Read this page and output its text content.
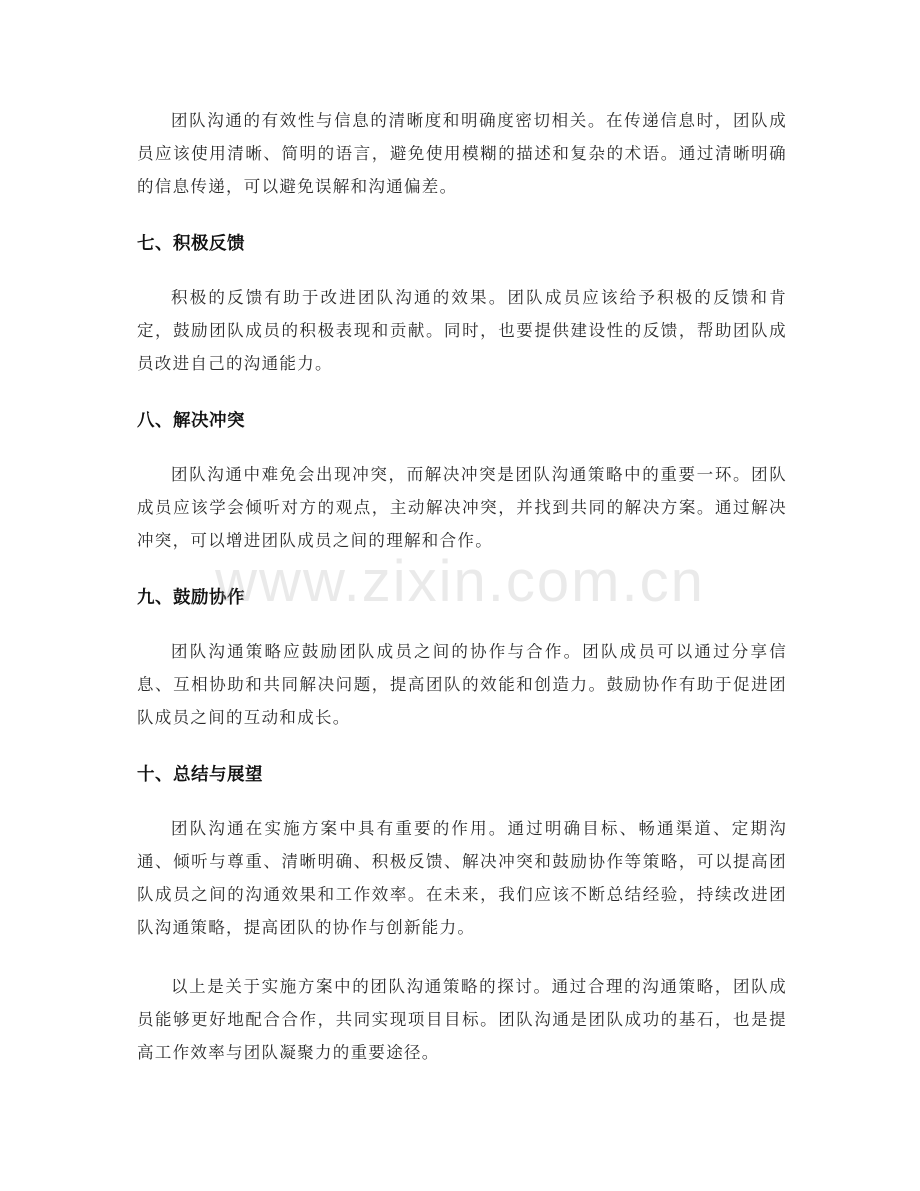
团队沟通的有效性与信息的清晰度和明确度密切相关。在传递信息时，团队成员应该使用清晰、简明的语言，避免使用模糊的描述和复杂的术语。通过清晰明确的信息传递，可以避免误解和沟通偏差。

七、积极反馈

积极的反馈有助于改进团队沟通的效果。团队成员应该给予积极的反馈和肯定，鼓励团队成员的积极表现和贡献。同时，也要提供建设性的反馈，帮助团队成员改进自己的沟通能力。

八、解决冲突

团队沟通中难免会出现冲突，而解决冲突是团队沟通策略中的重要一环。团队成员应该学会倾听对方的观点，主动解决冲突，并找到共同的解决方案。通过解决冲突，可以增进团队成员之间的理解和合作。

九、鼓励协作

团队沟通策略应鼓励团队成员之间的协作与合作。团队成员可以通过分享信息、互相协助和共同解决问题，提高团队的效能和创造力。鼓励协作有助于促进团队成员之间的互动和成长。

十、总结与展望

团队沟通在实施方案中具有重要的作用。通过明确目标、畅通渠道、定期沟通、倾听与尊重、清晰明确、积极反馈、解决冲突和鼓励协作等策略，可以提高团队成员之间的沟通效果和工作效率。在未来，我们应该不断总结经验，持续改进团队沟通策略，提高团队的协作与创新能力。

以上是关于实施方案中的团队沟通策略的探讨。通过合理的沟通策略，团队成员能够更好地配合合作，共同实现项目目标。团队沟通是团队成功的基石，也是提高工作效率与团队凝聚力的重要途径。

www.zixin.com.cn
